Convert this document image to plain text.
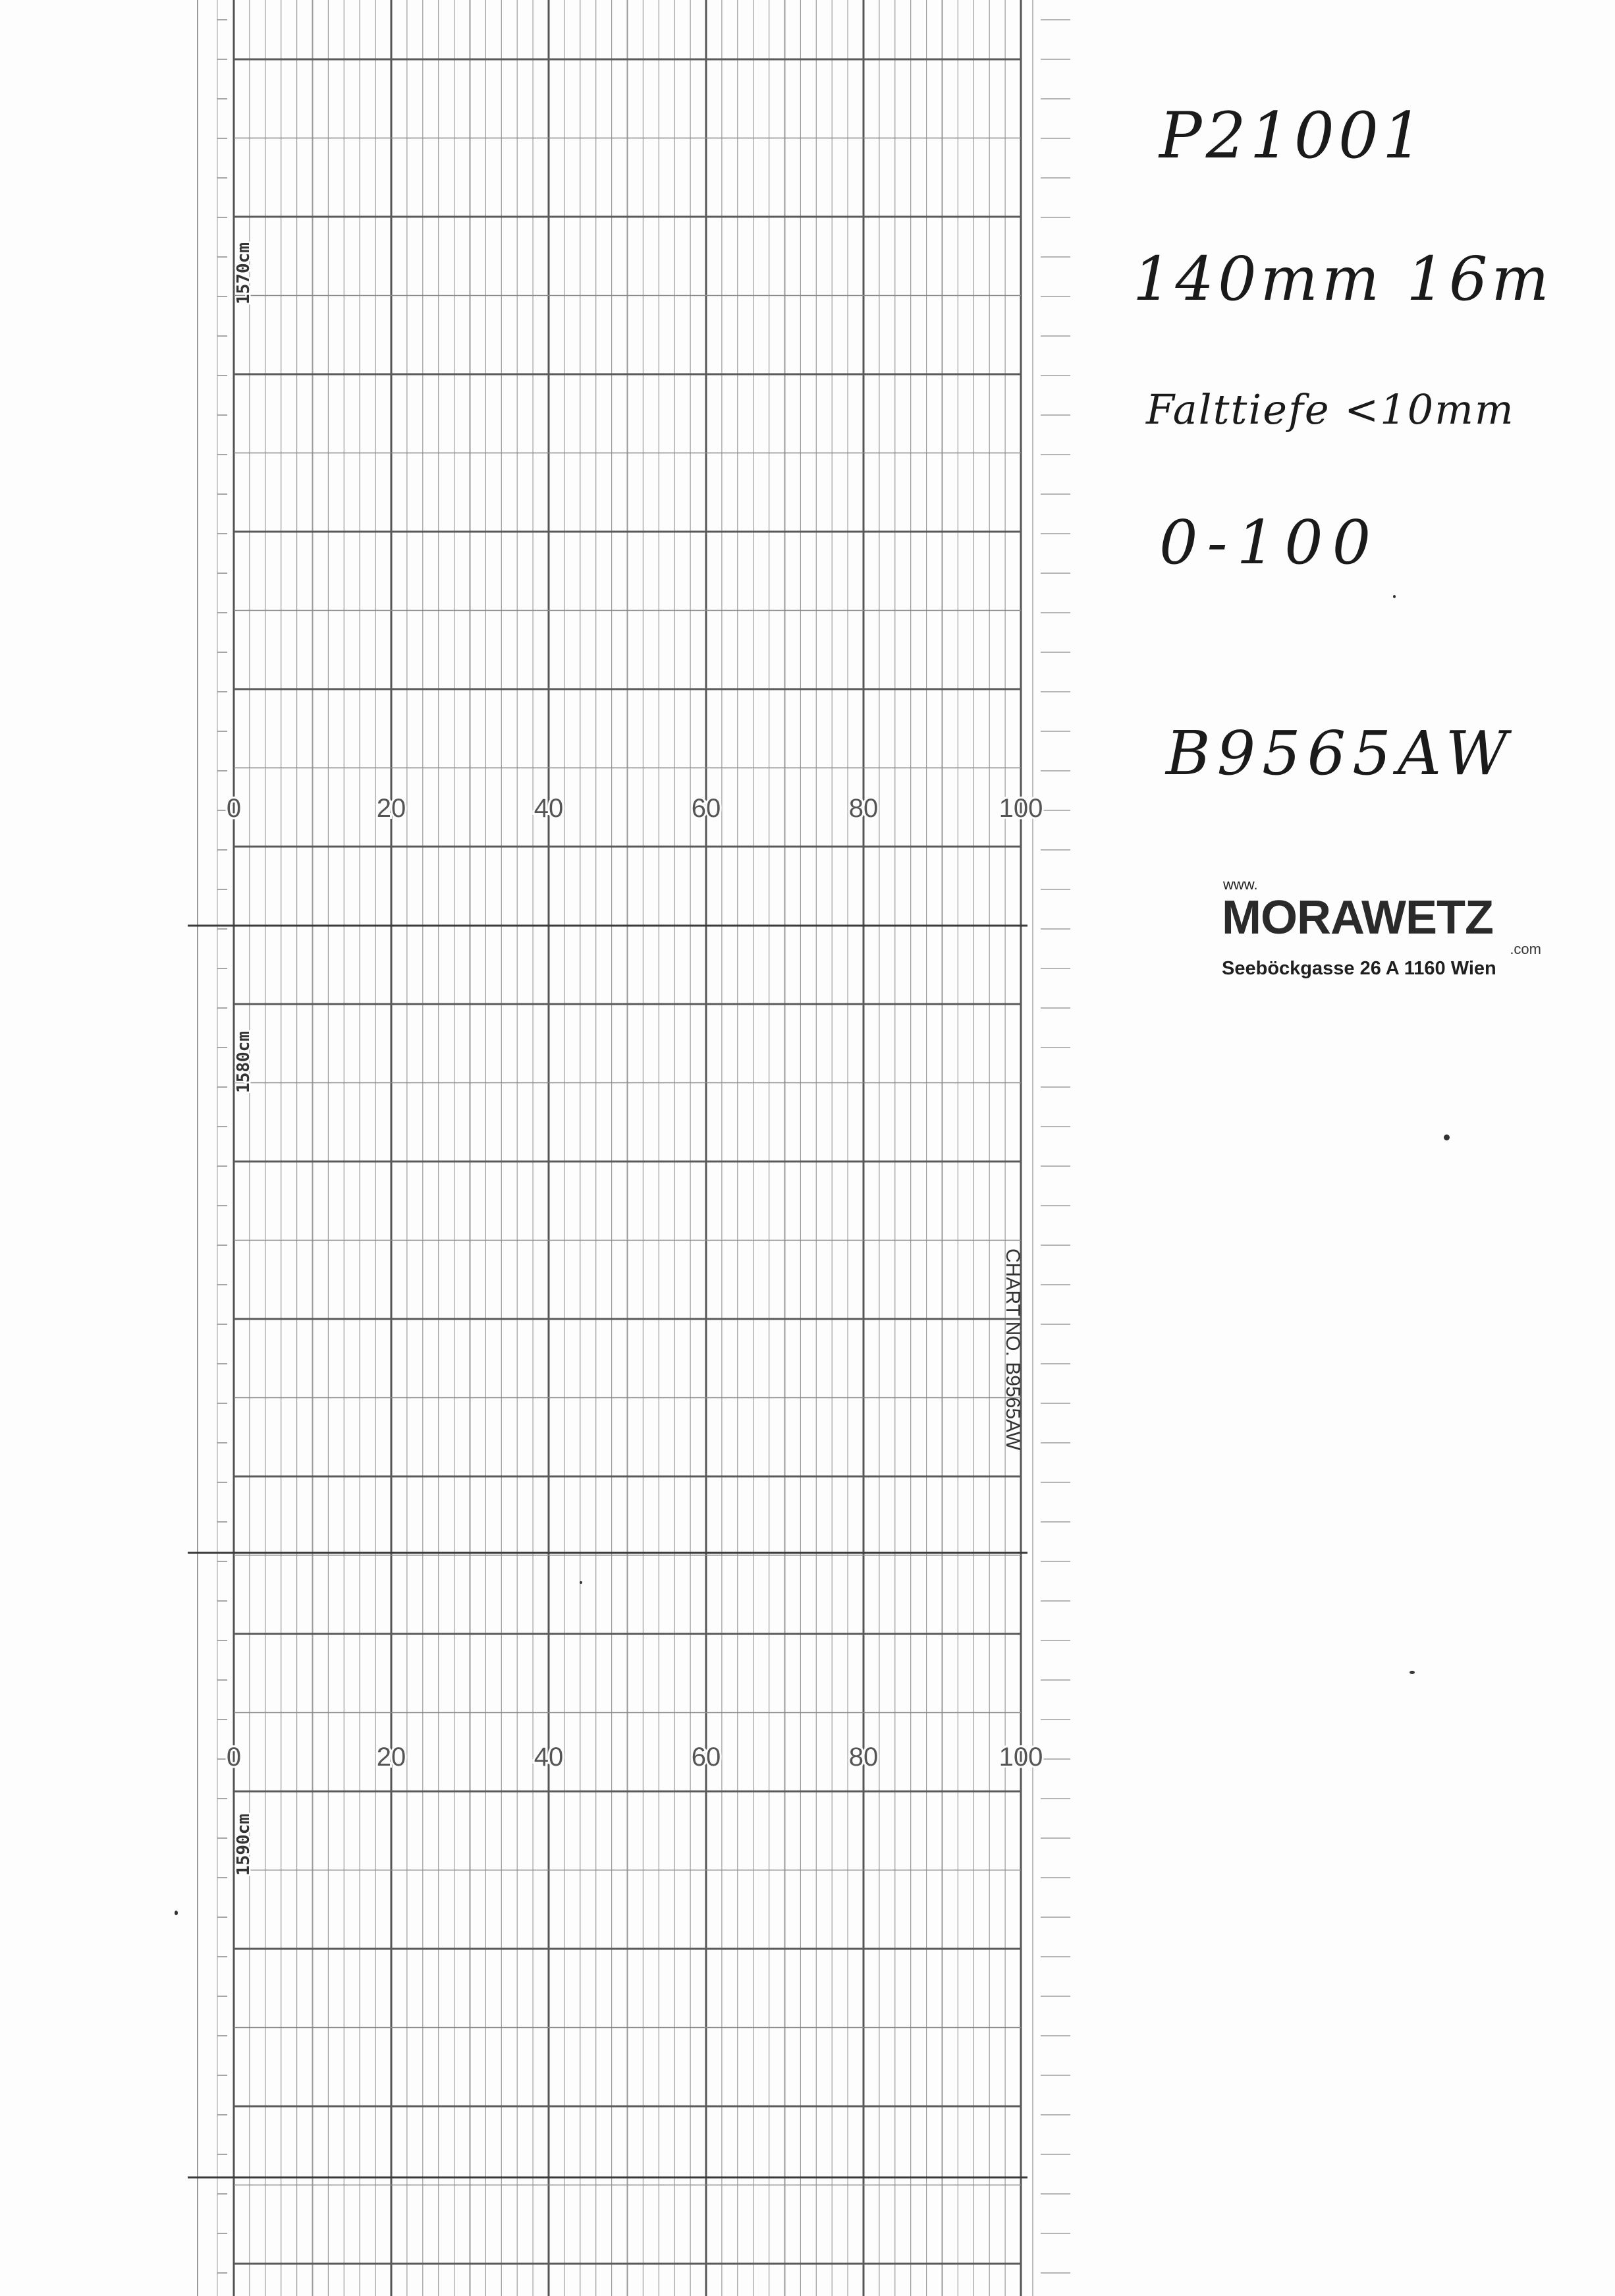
0	20	40	60	80	100
0	20	40	60	80	100
1570cm
1580cm
1590cm
CHART NO. B9565AW
P21001
140mm 16m
Falttiefe <10mm
0-100
B9565AW
www.
MORAWETZ
.com
Seeböckgasse 26 A 1160 Wien
